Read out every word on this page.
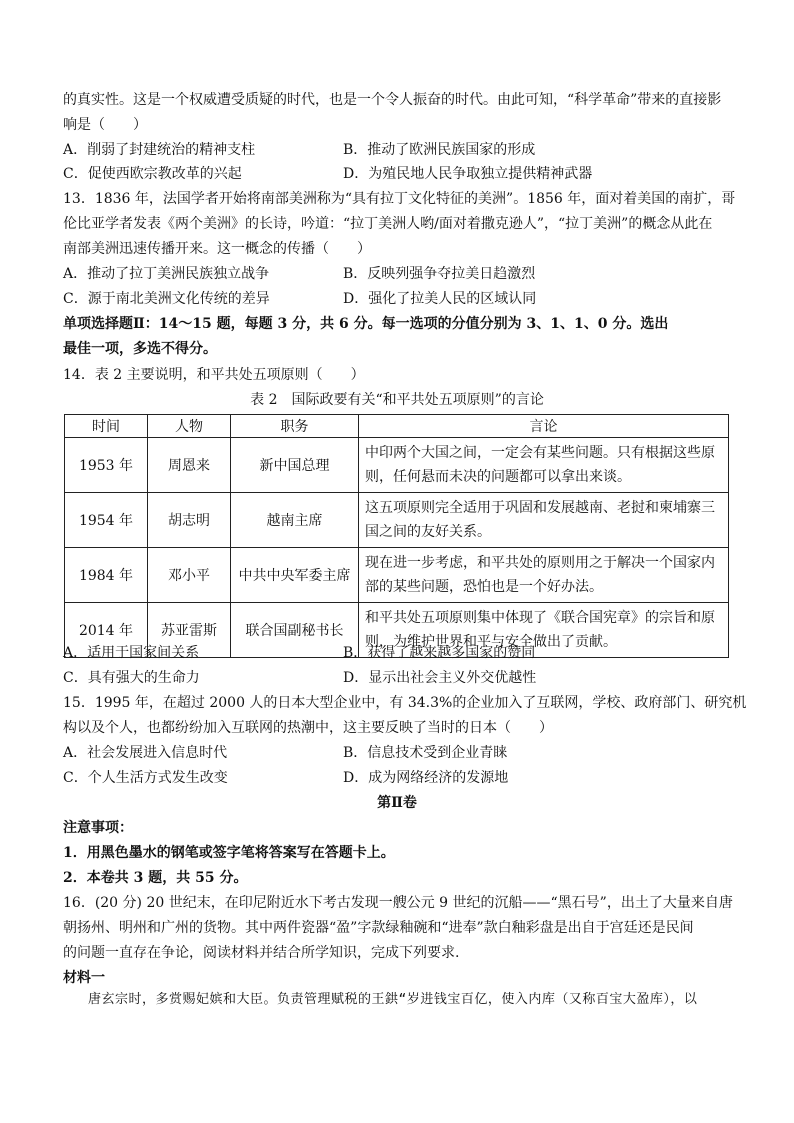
的真实性。这是一个权威遭受质疑的时代，也是一个令人振奋的时代。由此可知，“科学革命”带来的直接影
响是（　　）
A．削弱了封建统治的精神支柱	B．推动了欧洲民族国家的形成
C．促使西欧宗教改革的兴起	D．为殖民地人民争取独立提供精神武器
13．1836 年，法国学者开始将南部美洲称为“具有拉丁文化特征的美洲”。1856 年，面对着美国的南扩，哥
伦比亚学者发表《两个美洲》的长诗，吟道：“拉丁美洲人哟/面对着撒克逊人”，“拉丁美洲”的概念从此在
南部美洲迅速传播开来。这一概念的传播（　　）
A．推动了拉丁美洲民族独立战争	B．反映列强争夺拉美日趋激烈
C．源于南北美洲文化传统的差异	D．强化了拉美人民的区域认同
单项选择题Ⅱ：14～15 题，每题 3 分，共 6 分。每一选项的分值分别为 3、1、1、0 分。选出
最佳一项，多选不得分。
14．表 2 主要说明，和平共处五项原则（　　）
表 2　国际政要有关“和平共处五项原则”的言论
时间	人物	职务	言论
1953 年	周恩来	新中国总理	中印两个大国之间，一定会有某些问题。只有根据这些原则，任何悬而未决的问题都可以拿出来谈。
1954 年	胡志明	越南主席	这五项原则完全适用于巩固和发展越南、老挝和柬埔寨三国之间的友好关系。
1984 年	邓小平	中共中央军委主席	现在进一步考虑，和平共处的原则用之于解决一个国家内部的某些问题，恐怕也是一个好办法。
2014 年	苏亚雷斯	联合国副秘书长	和平共处五项原则集中体现了《联合国宪章》的宗旨和原则，为维护世界和平与安全做出了贡献。
A．适用于国家间关系	B．获得了越来越多国家的赞同
C．具有强大的生命力	D．显示出社会主义外交优越性
15．1995 年，在超过 2000 人的日本大型企业中，有 34.3%的企业加入了互联网，学校、政府部门、研究机
构以及个人，也都纷纷加入互联网的热潮中，这主要反映了当时的日本（　　）
A．社会发展进入信息时代	B．信息技术受到企业青睐
C．个人生活方式发生改变	D．成为网络经济的发源地
第Ⅱ卷
注意事项：
1．用黑色墨水的钢笔或签字笔将答案写在答题卡上。
2．本卷共 3 题，共 55 分。
16．(20 分) 20 世纪末，在印尼附近水下考古发现一艘公元 9 世纪的沉船——“黑石号”，出土了大量来自唐
朝扬州、明州和广州的货物。其中两件瓷器“盈”字款绿釉碗和“进奉”款白釉彩盘是出自于宫廷还是民间
的问题一直存在争论，阅读材料并结合所学知识，完成下列要求.
材料一
唐玄宗时，多赏赐妃嫔和大臣。负责管理赋税的王鉷“岁进钱宝百亿，使入内库（又称百宝大盈库），以
